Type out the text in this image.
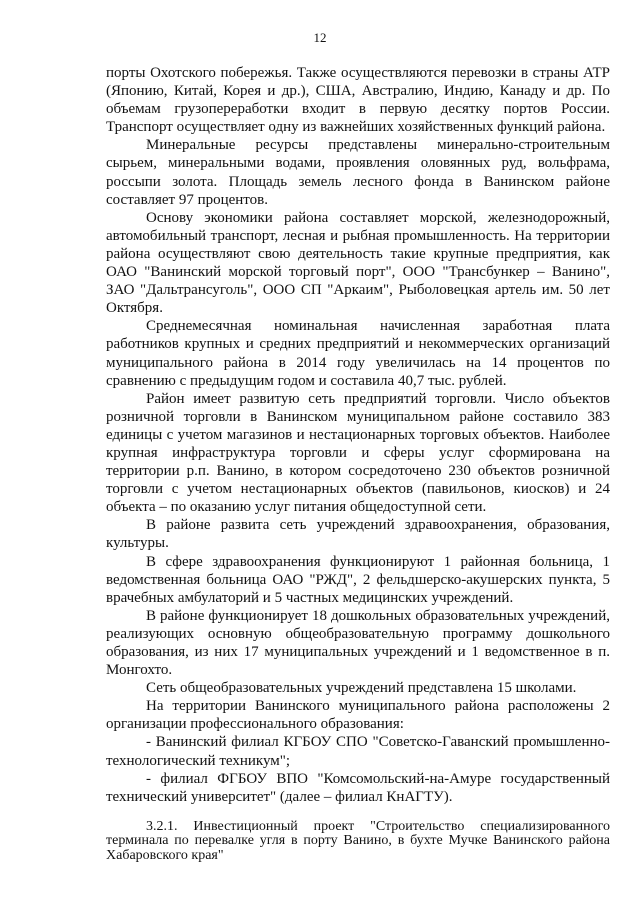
12

порты Охотского побережья. Также осуществляются перевозки в страны АТР (Японию, Китай, Корея и др.), США, Австралию, Индию, Канаду и др. По объемам грузопереработки входит в первую десятку портов России. Транспорт осуществляет одну из важнейших хозяйственных функций района.

Минеральные ресурсы представлены минерально-строительным сырьем, минеральными водами, проявления оловянных руд, вольфрама, россыпи золота. Площадь земель лесного фонда в Ванинском районе составляет 97 процентов.

Основу экономики района составляет морской, железнодорожный, автомобильный транспорт, лесная и рыбная промышленность. На территории района осуществляют свою деятельность такие крупные предприятия, как ОАО "Ванинский морской торговый порт", ООО "Трансбункер – Ванино", ЗАО "Дальтрансуголь", ООО СП "Аркаим", Рыболовецкая артель им. 50 лет Октября.

Среднемесячная номинальная начисленная заработная плата работников крупных и средних предприятий и некоммерческих организаций муниципального района в 2014 году увеличилась на 14 процентов по сравнению с предыдущим годом и составила 40,7 тыс. рублей.

Район имеет развитую сеть предприятий торговли. Число объектов розничной торговли в Ванинском муниципальном районе составило 383 единицы с учетом магазинов и нестационарных торговых объектов. Наиболее крупная инфраструктура торговли и сферы услуг сформирована на территории р.п. Ванино, в котором сосредоточено 230 объектов розничной торговли с учетом нестационарных объектов (павильонов, киосков) и 24 объекта – по оказанию услуг питания общедоступной сети.

В районе развита сеть учреждений здравоохранения, образования, культуры.

В сфере здравоохранения функционируют 1 районная больница, 1 ведомственная больница ОАО "РЖД", 2 фельдшерско-акушерских пункта, 5 врачебных амбулаторий и 5 частных медицинских учреждений.

В районе функционирует 18 дошкольных образовательных учреждений, реализующих основную общеобразовательную программу дошкольного образования, из них 17 муниципальных учреждений и 1 ведомственное в п. Монгохто.

Сеть общеобразовательных учреждений представлена 15 школами.

На территории Ванинского муниципального района расположены 2 организации профессионального образования:

- Ванинский филиал КГБОУ СПО "Советско-Гаванский промышленно-технологический техникум";

- филиал ФГБОУ ВПО "Комсомольский-на-Амуре государственный технический университет" (далее – филиал КнАГТУ).

3.2.1. Инвестиционный проект "Строительство специализированного терминала по перевалке угля в порту Ванино, в бухте Мучке Ванинского района Хабаровского края"
